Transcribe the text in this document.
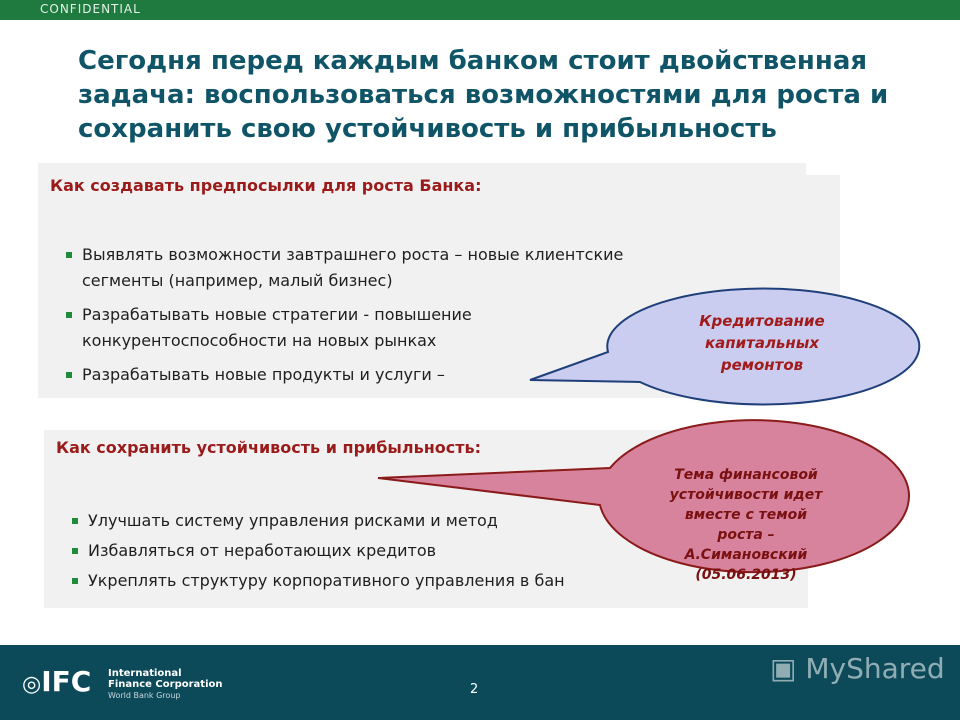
CONFIDENTIAL
Сегодня перед каждым банком стоит двойственная
задача: воспользоваться возможностями для роста и
сохранить свою устойчивость и прибыльность
Как создавать предпосылки для роста Банка:
Выявлять возможности завтрашнего роста – новые клиентские
сегменты (например, малый бизнес)
Разрабатывать новые стратегии - повышение
конкурентоспособности на новых рынках
Разрабатывать новые продукты и услуги –
Как сохранить устойчивость и прибыльность:
Улучшать систему управления рисками и метод
Избавляться от неработающих кредитов
Укреплять структуру корпоративного управления в бан
Кредитование
капитальных
ремонтов
Тема финансовой
устойчивости идет
вместе с темой
роста –
А.Симановский
(05.06.2013)
◎IFC International
Finance Corporation
World Bank Group	2
▣ MyShared
